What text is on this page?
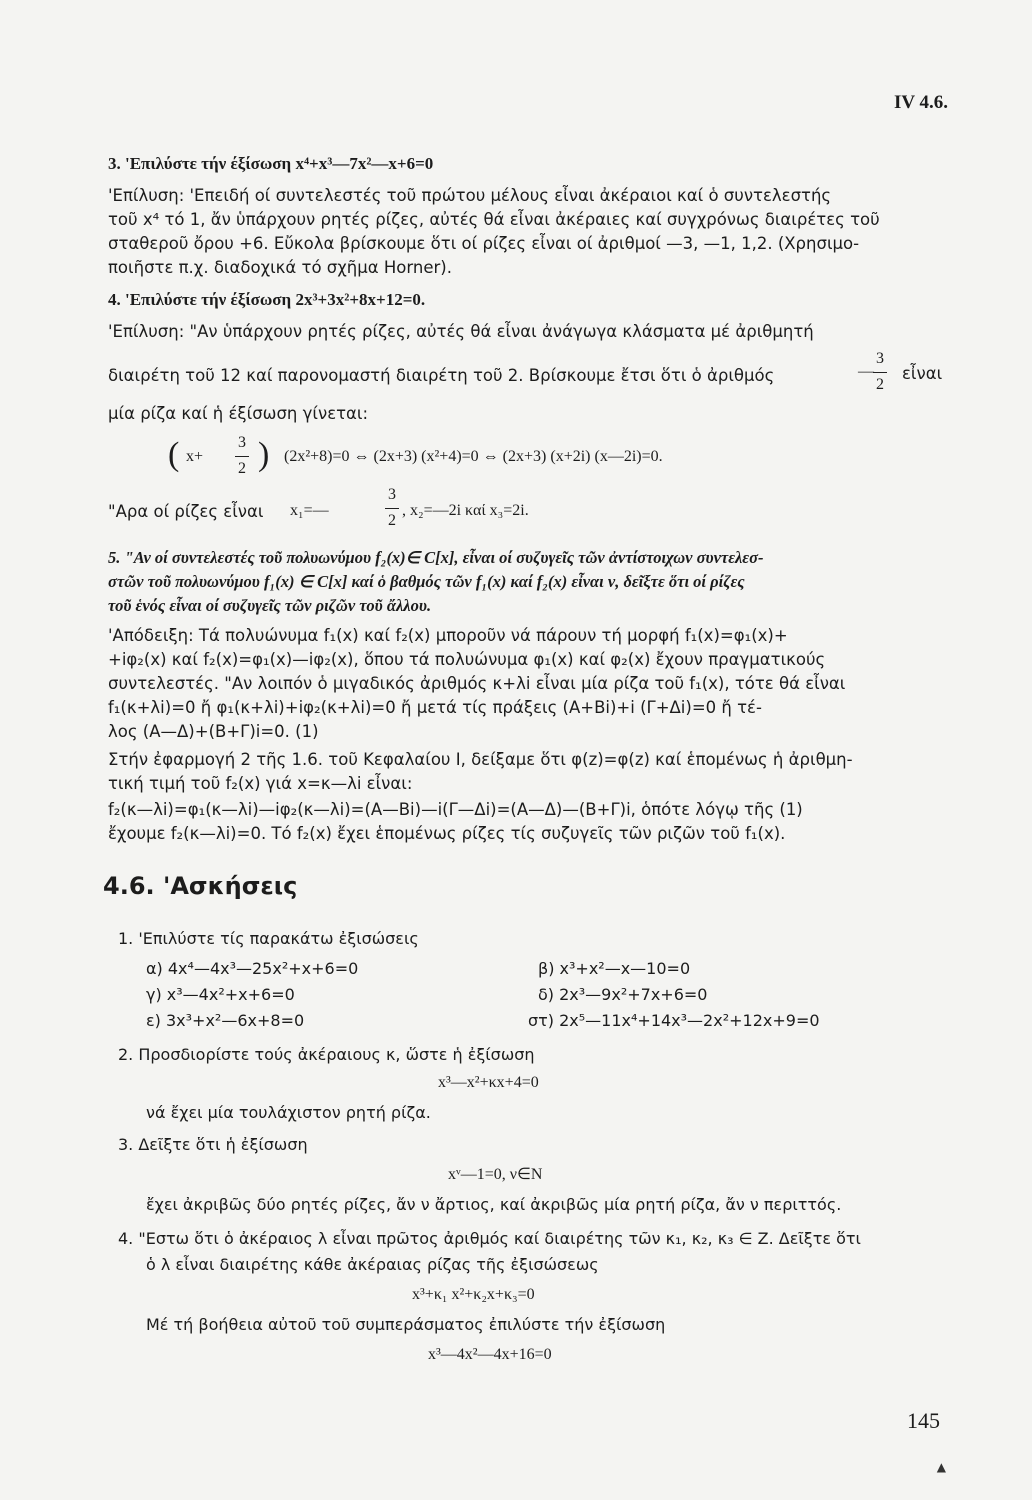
IV 4.6.
3. 'Επιλύστε τήν έξίσωση x⁴+x³—7x²—x+6=0
'Επίλυση: 'Επειδή οί συντελεστές τοῦ πρώτου μέλους εἶναι ἀκέραιοι καί ὁ συντελεστής
τοῦ x⁴ τό 1, ἄν ὑπάρχουν ρητές ρίζες, αὐτές θά εἶναι ἀκέραιες καί συγχρόνως διαιρέτες τοῦ
σταθεροῦ ὄρου +6. Εὔκολα βρίσκουμε ὅτι οί ρίζες εἶναι οί ἀριθμοί —3, —1, 1,2. (Χρησιμο-
ποιῆστε π.χ. διαδοχικά τό σχῆμα Horner).
4. 'Επιλύστε τήν έξίσωση 2x³+3x²+8x+12=0.
'Επίλυση: "Αν ὑπάρχουν ρητές ρίζες, αὐτές θά εἶναι ἀνάγωγα κλάσματα μέ ἀριθμητή
διαιρέτη τοῦ 12 καί παρονομαστή διαιρέτη τοῦ 2. Βρίσκουμε ἔτσι ὅτι ὁ ἀριθμός
3
2
— εἶναι
μία ρίζα καί ἡ έξίσωση γίνεται:
( x+
3
2 ) (2x²+8)=0 ⇔ (2x+3) (x²+4)=0 ⇔ (2x+3) (x+2i) (x—2i)=0.
"Αρα οί ρίζες εἶναι	x₁=—
3
2
, x₂=—2i καί x₃=2i.
5. "Αν οί συντελεστές τοῦ πολυωνύμου f₂(x)∈ C[x], εἶναι οί συζυγεῖς τῶν ἀντίστοιχων συντελεσ-
στῶν τοῦ πολυωνύμου f₁(x) ∈ C[x] καί ὁ βαθμός τῶν f₁(x) καί f₂(x) εἶναι ν, δεῖξτε ὅτι οί ρίζες
τοῦ ἑνός εἶναι οί συζυγεῖς τῶν ριζῶν τοῦ ἄλλου.
'Απόδειξη: Τά πολυώνυμα f₁(x) καί f₂(x) μποροῦν νά πάρουν τή μορφή f₁(x)=φ₁(x)+
+iφ₂(x) καί f₂(x)=φ₁(x)—iφ₂(x), ὅπου τά πολυώνυμα φ₁(x) καί φ₂(x) ἔχουν πραγματικούς
συντελεστές. "Αν λοιπόν ὁ μιγαδικός ἀριθμός κ+λi εἶναι μία ρίζα τοῦ f₁(x), τότε θά εἶναι
f₁(κ+λi)=0 ἤ φ₁(κ+λi)+iφ₂(κ+λi)=0 ἤ μετά τίς πράξεις (Α+Βi)+i (Γ+Δi)=0 ἤ τέ-
λος (Α—Δ)+(Β+Γ)i=0. (1)
Στήν ἐφαρμογή 2 τῆς 1.6. τοῦ Κεφαλαίου Ι, δείξαμε ὅτι φ(z)=φ(z) καί ἑπομένως ἡ ἀριθμη-
τική τιμή τοῦ f₂(x) γιά x=κ—λi εἶναι:
f₂(κ—λi)=φ₁(κ—λi)—iφ₂(κ—λi)=(Α—Βi)—i(Γ—Δi)=(Α—Δ)—(Β+Γ)i, ὁπότε λόγῳ τῆς (1)
ἔχουμε f₂(κ—λi)=0. Τό f₂(x) ἔχει ἑπομένως ρίζες τίς συζυγεῖς τῶν ριζῶν τοῦ f₁(x).
4.6. 'Ασκήσεις
1. 'Επιλύστε τίς παρακάτω ἐξισώσεις
α) 4x⁴—4x³—25x²+x+6=0	β) x³+x²—x—10=0
γ) x³—4x²+x+6=0	δ) 2x³—9x²+7x+6=0
ε) 3x³+x²—6x+8=0	στ) 2x⁵—11x⁴+14x³—2x²+12x+9=0
2. Προσδιορίστε τούς ἀκέραιους κ, ὥστε ἡ ἐξίσωση
x³—x²+κx+4=0
νά ἔχει μία τουλάχιστον ρητή ρίζα.
3. Δεῖξτε ὅτι ἡ ἐξίσωση
xᵛ—1=0, ν∈N
ἔχει ἀκριβῶς δύο ρητές ρίζες, ἄν ν ἄρτιος, καί ἀκριβῶς μία ρητή ρίζα, ἄν ν περιττός.
4. "Εστω ὅτι ὁ ἀκέραιος λ εἶναι πρῶτος ἀριθμός καί διαιρέτης τῶν κ₁, κ₂, κ₃ ∈ Z. Δεῖξτε ὅτι
ὁ λ εἶναι διαιρέτης κάθε ἀκέραιας ρίζας τῆς ἐξισώσεως
x³+κ₁ x²+κ₂x+κ₃=0
Μέ τή βοήθεια αὐτοῦ τοῦ συμπεράσματος ἐπιλύστε τήν ἐξίσωση
x³—4x²—4x+16=0
145
▲
